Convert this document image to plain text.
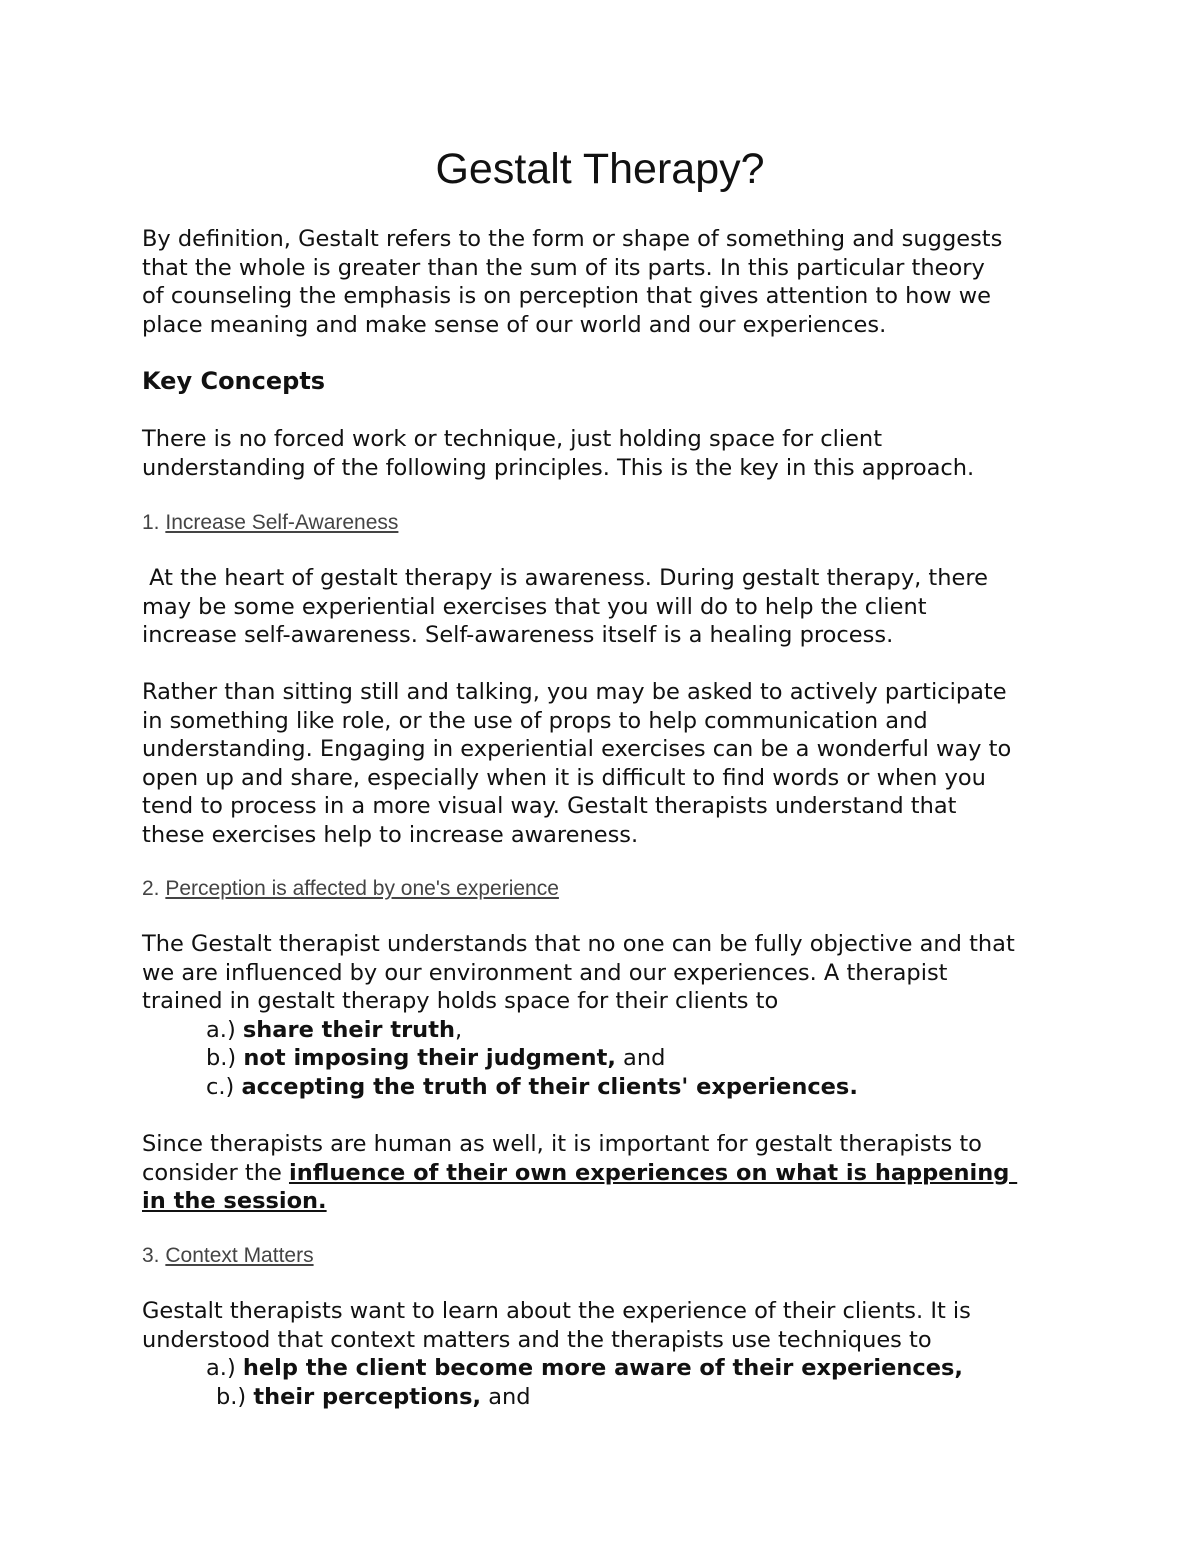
Gestalt Therapy?
By definition, Gestalt refers to the form or shape of something and suggests
that the whole is greater than the sum of its parts. In this particular theory
of counseling the emphasis is on perception that gives attention to how we
place meaning and make sense of our world and our experiences.
Key Concepts
There is no forced work or technique, just holding space for client
understanding of the following principles. This is the key in this approach.
1. Increase Self-Awareness
At the heart of gestalt therapy is awareness. During gestalt therapy, there
may be some experiential exercises that you will do to help the client
increase self-awareness. Self-awareness itself is a healing process.
Rather than sitting still and talking, you may be asked to actively participate
in something like role, or the use of props to help communication and
understanding. Engaging in experiential exercises can be a wonderful way to
open up and share, especially when it is difficult to find words or when you
tend to process in a more visual way. Gestalt therapists understand that
these exercises help to increase awareness.
2. Perception is affected by one's experience
The Gestalt therapist understands that no one can be fully objective and that
we are influenced by our environment and our experiences. A therapist
trained in gestalt therapy holds space for their clients to
a.) share their truth,
b.) not imposing their judgment, and
c.) accepting the truth of their clients' experiences.
Since therapists are human as well, it is important for gestalt therapists to
consider the influence of their own experiences on what is happening
in the session.
3. Context Matters
Gestalt therapists want to learn about the experience of their clients. It is
understood that context matters and the therapists use techniques to
a.) help the client become more aware of their experiences,
b.) their perceptions, and
